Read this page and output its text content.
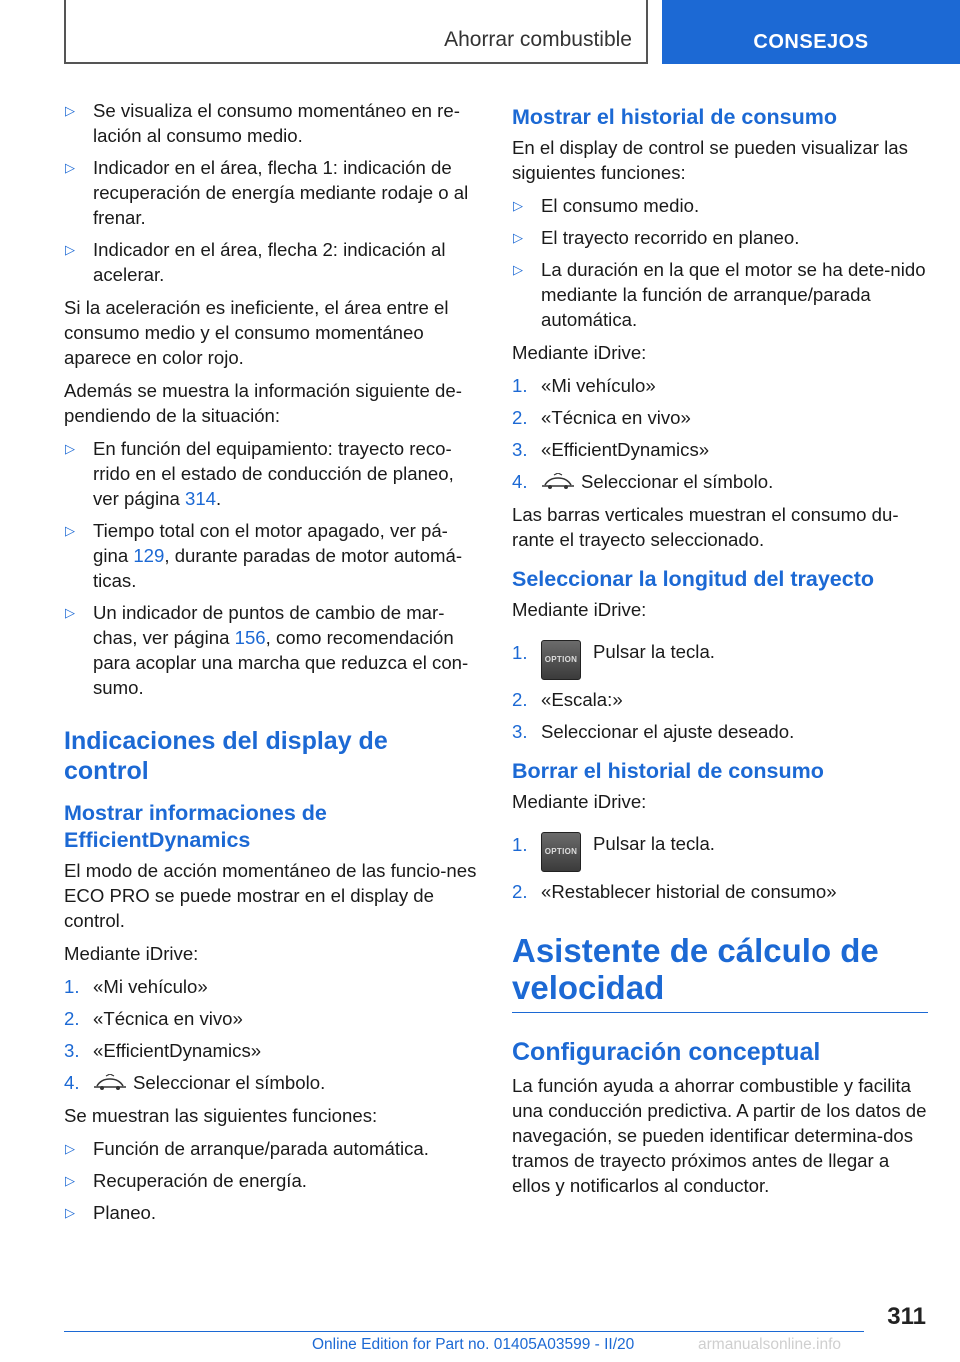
Ahorrar combustible	CONSEJOS
▷ Se visualiza el consumo momentáneo en re-lación al consumo medio.
▷ Indicador en el área, flecha 1: indicación de recuperación de energía mediante rodaje o al frenar.
▷ Indicador en el área, flecha 2: indicación al acelerar.

Si la aceleración es ineficiente, el área entre el consumo medio y el consumo momentáneo aparece en color rojo.

Además se muestra la información siguiente de-pendiendo de la situación:

▷ En función del equipamiento: trayecto reco-rrido en el estado de conducción de planeo, ver página 314.
▷ Tiempo total con el motor apagado, ver pá-gina 129, durante paradas de motor automá-ticas.
▷ Un indicador de puntos de cambio de mar-chas, ver página 156, como recomendación para acoplar una marcha que reduzca el con-sumo.
Indicaciones del display de control
Mostrar informaciones de EfficientDynamics

El modo de acción momentáneo de las funcio-nes ECO PRO se puede mostrar en el display de control.

Mediante iDrive:

1. «Mi vehículo»
2. «Técnica en vivo»
3. «EfficientDynamics»
4.	Seleccionar el símbolo.

Se muestran las siguientes funciones:

▷ Función de arranque/parada automática.
▷ Recuperación de energía.
▷ Planeo.
Mostrar el historial de consumo

En el display de control se pueden visualizar las siguientes funciones:

▷ El consumo medio.
▷ El trayecto recorrido en planeo.
▷ La duración en la que el motor se ha dete-nido mediante la función de arranque/parada automática.

Mediante iDrive:

1. «Mi vehículo»
2. «Técnica en vivo»
3. «EfficientDynamics»
4.	Seleccionar el símbolo.

Las barras verticales muestran el consumo du-rante el trayecto seleccionado.

Seleccionar la longitud del trayecto

Mediante iDrive:

1. OPTION Pulsar la tecla.
2. «Escala:»
3. Seleccionar el ajuste deseado.
Borrar el historial de consumo

Mediante iDrive:

1. OPTION Pulsar la tecla.
2. «Restablecer historial de consumo»
Asistente de cálculo de velocidad
Configuración conceptual

La función ayuda a ahorrar combustible y facilita una conducción predictiva. A partir de los datos de navegación, se pueden identificar determina-dos tramos de trayecto próximos antes de llegar a ellos y notificarlos al conductor.

311
Online Edition for Part no. 01405A03599 - II/20	armanualsonline.info
